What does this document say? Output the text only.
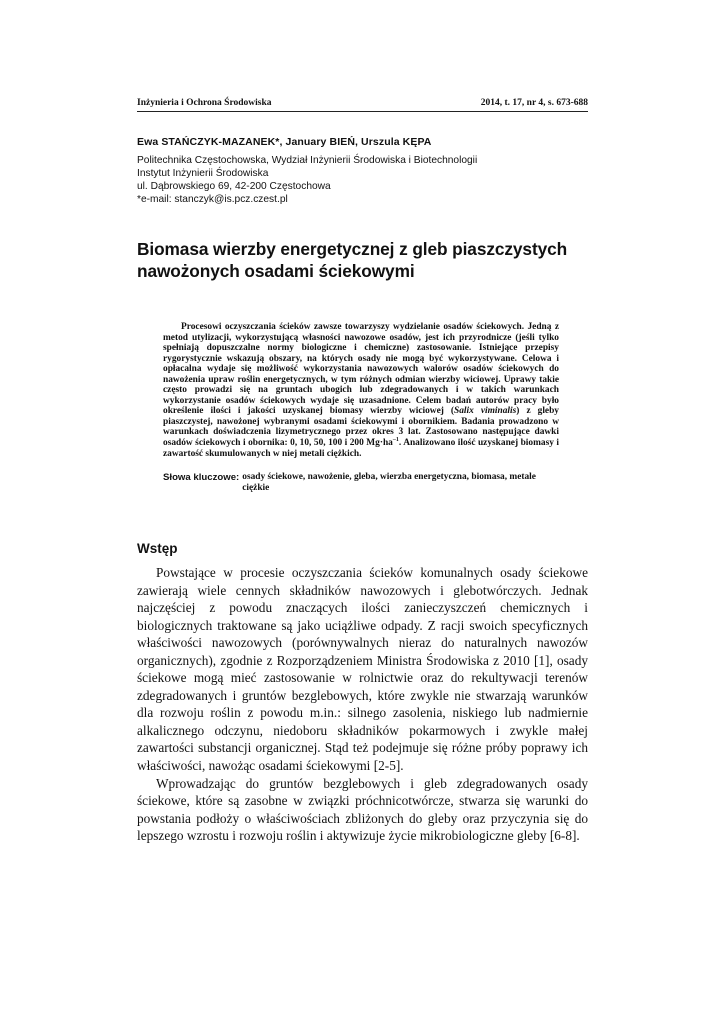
Inżynieria i Ochrona Środowiska	2014, t. 17, nr 4, s. 673-688
Ewa STAŃCZYK-MAZANEK*, January BIEŃ, Urszula KĘPA
Politechnika Częstochowska, Wydział Inżynierii Środowiska i Biotechnologii
Instytut Inżynierii Środowiska
ul. Dąbrowskiego 69, 42-200 Częstochowa
*e-mail: stanczyk@is.pcz.czest.pl
Biomasa wierzby energetycznej z gleb piaszczystych
nawożonych osadami ściekowymi
Procesowi oczyszczania ścieków zawsze towarzyszy wydzielanie osadów ściekowych. Jedną z metod utylizacji, wykorzystującą własności nawozowe osadów, jest ich przyrodnicze (jeśli tylko spełniają dopuszczalne normy biologiczne i chemiczne) zastosowanie. Istniejące przepisy rygorystycznie wskazują obszary, na których osady nie mogą być wykorzystywane. Celowa i opłacalna wydaje się możliwość wykorzystania nawozowych walorów osadów ściekowych do nawożenia upraw roślin energetycznych, w tym różnych odmian wierzby wiciowej. Uprawy takie często prowadzi się na gruntach ubogich lub zdegradowanych i w takich warunkach wykorzystanie osadów ściekowych wydaje się uzasadnione. Celem badań autorów pracy było określenie ilości i jakości uzyskanej biomasy wierzby wiciowej (Salix viminalis) z gleby piaszczystej, nawożonej wybranymi osadami ściekowymi i obornikiem. Badania prowadzono w warunkach doświadczenia lizymetrycznego przez okres 3 lat. Zastosowano następujące dawki osadów ściekowych i obornika: 0, 10, 50, 100 i 200 $Mg\cdot ha^{-1}$. Analizowano ilość uzyskanej biomasy i zawartość skumulowanych w niej metali ciężkich.
Słowa kluczowe: osady ściekowe, nawożenie, gleba, wierzba energetyczna, biomasa, metale ciężkie
Wstęp

Powstające w procesie oczyszczania ścieków komunalnych osady ściekowe zawierają wiele cennych składników nawozowych i glebotwórczych. Jednak najczęściej z powodu znaczących ilości zanieczyszczeń chemicznych i biologicznych traktowane są jako uciążliwe odpady. Z racji swoich specyficznych właściwości nawozowych (porównywalnych nieraz do naturalnych nawozów organicznych), zgodnie z Rozporządzeniem Ministra Środowiska z 2010 [1], osady ściekowe mogą mieć zastosowanie w rolnictwie oraz do rekultywacji terenów zdegradowanych i gruntów bezglebowych, które zwykle nie stwarzają warunków dla rozwoju roślin z powodu m.in.: silnego zasolenia, niskiego lub nadmiernie alkalicznego odczynu, niedoboru składników pokarmowych i zwykle małej zawartości substancji organicznej. Stąd też podejmuje się różne próby poprawy ich właściwości, nawożąc osadami ściekowymi [2-5].

Wprowadzając do gruntów bezglebowych i gleb zdegradowanych osady ściekowe, które są zasobne w związki próchnicotwórcze, stwarza się warunki do powstania podłoży o właściwościach zbliżonych do gleby oraz przyczynia się do lepszego wzrostu i rozwoju roślin i aktywizuje życie mikrobiologiczne gleby [6-8].
